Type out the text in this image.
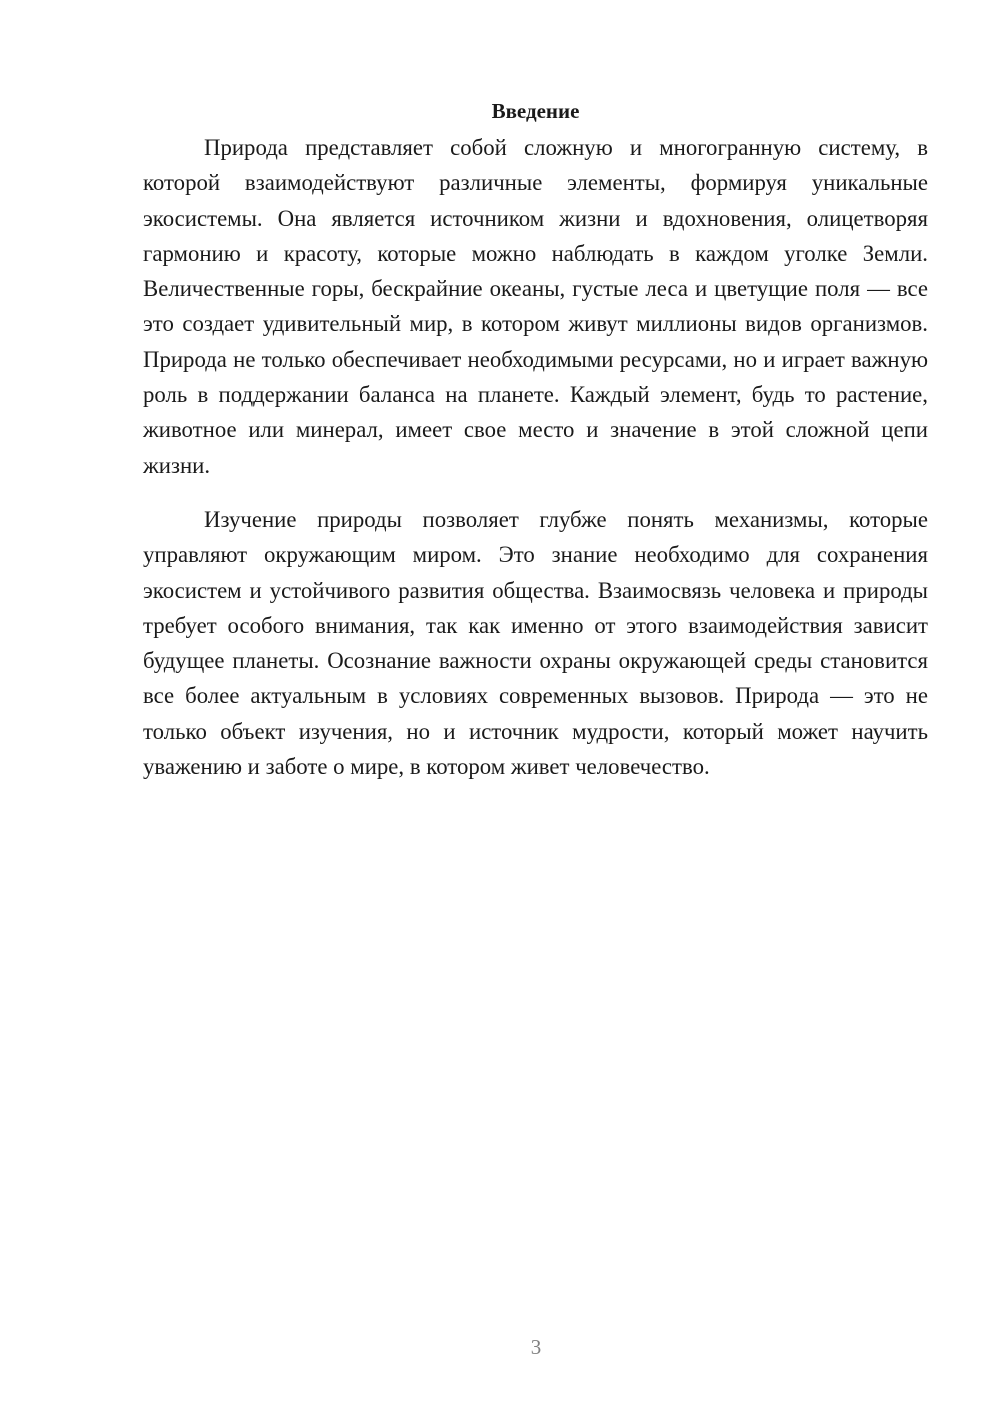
Введение

Природа представляет собой сложную и многогранную систему, в которой взаимодействуют различные элементы, формируя уникальные экосистемы. Она является источником жизни и вдохновения, олицетворяя гармонию и красоту, которые можно наблюдать в каждом уголке Земли. Величественные горы, бескрайние океаны, густые леса и цветущие поля — все это создает удивительный мир, в котором живут миллионы видов организмов. Природа не только обеспечивает необходимыми ресурсами, но и играет важную роль в поддержании баланса на планете. Каждый элемент, будь то растение, животное или минерал, имеет свое место и значение в этой сложной цепи жизни.

Изучение природы позволяет глубже понять механизмы, которые управляют окружающим миром. Это знание необходимо для сохранения экосистем и устойчивого развития общества. Взаимосвязь человека и природы требует особого внимания, так как именно от этого взаимодействия зависит будущее планеты. Осознание важности охраны окружающей среды становится все более актуальным в условиях современных вызовов. Природа — это не только объект изучения, но и источник мудрости, который может научить уважению и заботе о мире, в котором живет человечество.

3
